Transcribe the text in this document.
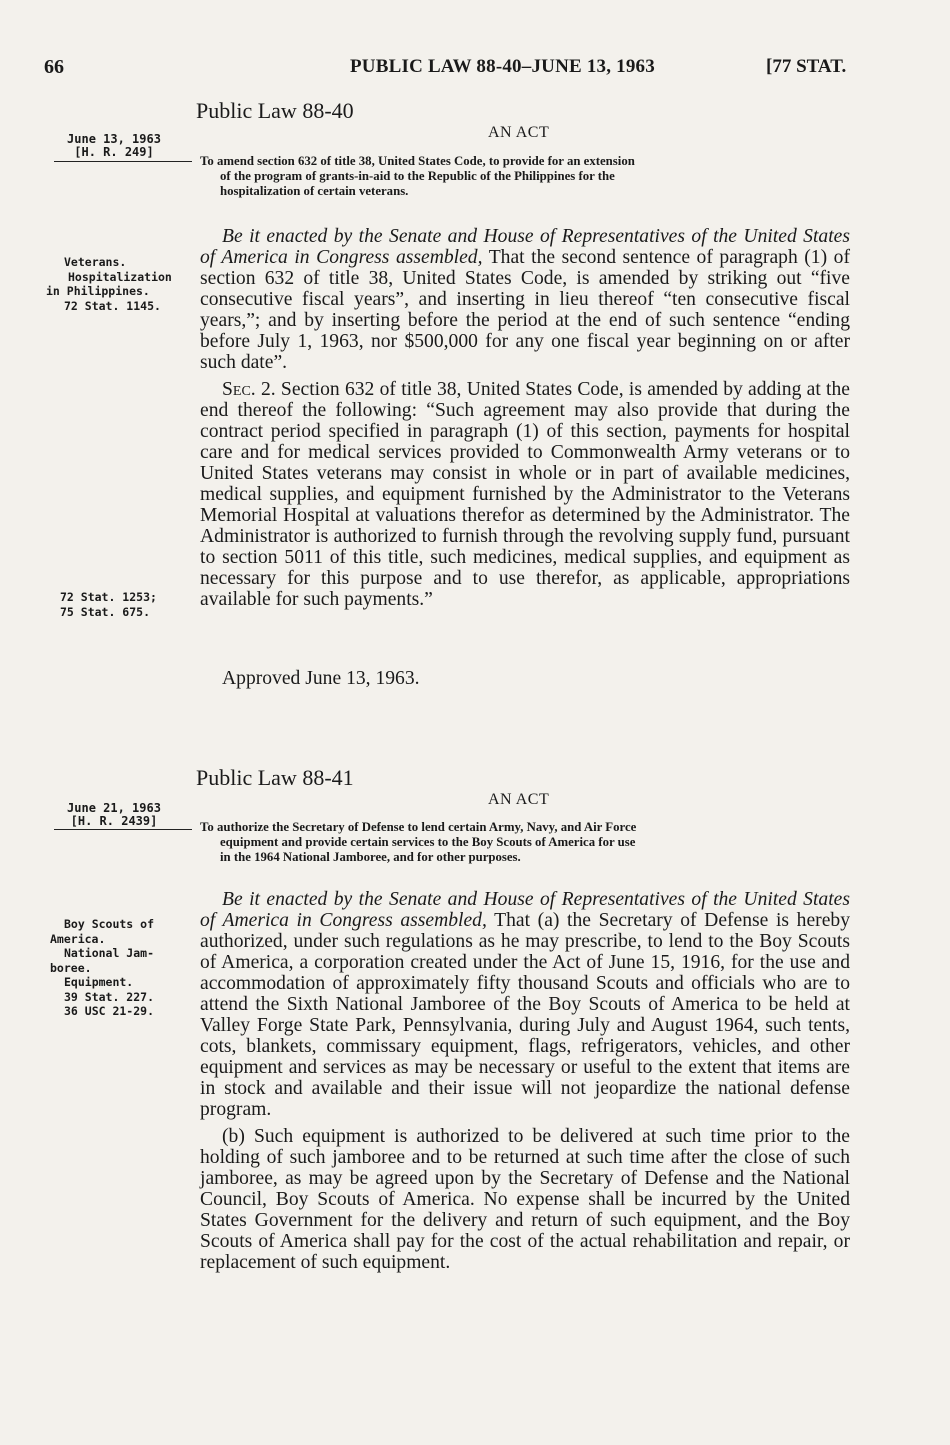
66	PUBLIC LAW 88-40–JUNE 13, 1963	[77 STAT.
Public Law 88-40
June 13, 1963
[H. R. 249]
AN ACT
To amend section 632 of title 38, United States Code, to provide for an extension
of the program of grants-in-aid to the Republic of the Philippines for the
hospitalization of certain veterans.
Veterans.
Hospitalization
in Philippines.
72 Stat. 1145.

Be it enacted by the Senate and House of Representatives of the United States of America in Congress assembled, That the second sentence of paragraph (1) of section 632 of title 38, United States Code, is amended by striking out “five consecutive fiscal years”, and inserting in lieu thereof “ten consecutive fiscal years,”; and by inserting before the period at the end of such sentence “ending before July 1, 1963, nor $500,000 for any one fiscal year beginning on or after such date”.

Sec. 2. Section 632 of title 38, United States Code, is amended by adding at the end thereof the following: “Such agreement may also provide that during the contract period specified in paragraph (1) of this section, payments for hospital care and for medical services provided to Commonwealth Army veterans or to United States veterans may consist in whole or in part of available medicines, medical supplies, and equipment furnished by the Administrator to the Veterans Memorial Hospital at valuations therefor as determined by the Administrator. The Administrator is authorized to furnish through the revolving supply fund, pursuant to section 5011 of this title, such medicines, medical supplies, and equipment as necessary for this purpose and to use therefor, as applicable, appropriations available for such payments.”

72 Stat. 1253;
75 Stat. 675.
Approved June 13, 1963.
Public Law 88-41
June 21, 1963
[H. R. 2439]
AN ACT
To authorize the Secretary of Defense to lend certain Army, Navy, and Air Force
equipment and provide certain services to the Boy Scouts of America for use
in the 1964 National Jamboree, and for other purposes.
Boy Scouts of
America.
National Jam-
boree.
Equipment.
39 Stat. 227.
36 USC 21-29.

Be it enacted by the Senate and House of Representatives of the United States of America in Congress assembled, That (a) the Secretary of Defense is hereby authorized, under such regulations as he may prescribe, to lend to the Boy Scouts of America, a corporation created under the Act of June 15, 1916, for the use and accommodation of approximately fifty thousand Scouts and officials who are to attend the Sixth National Jamboree of the Boy Scouts of America to be held at Valley Forge State Park, Pennsylvania, during July and August 1964, such tents, cots, blankets, commissary equipment, flags, refrigerators, vehicles, and other equipment and services as may be necessary or useful to the extent that items are in stock and available and their issue will not jeopardize the national defense program.

(b) Such equipment is authorized to be delivered at such time prior to the holding of such jamboree and to be returned at such time after the close of such jamboree, as may be agreed upon by the Secretary of Defense and the National Council, Boy Scouts of America. No expense shall be incurred by the United States Government for the delivery and return of such equipment, and the Boy Scouts of America shall pay for the cost of the actual rehabilitation and repair, or replacement of such equipment.
